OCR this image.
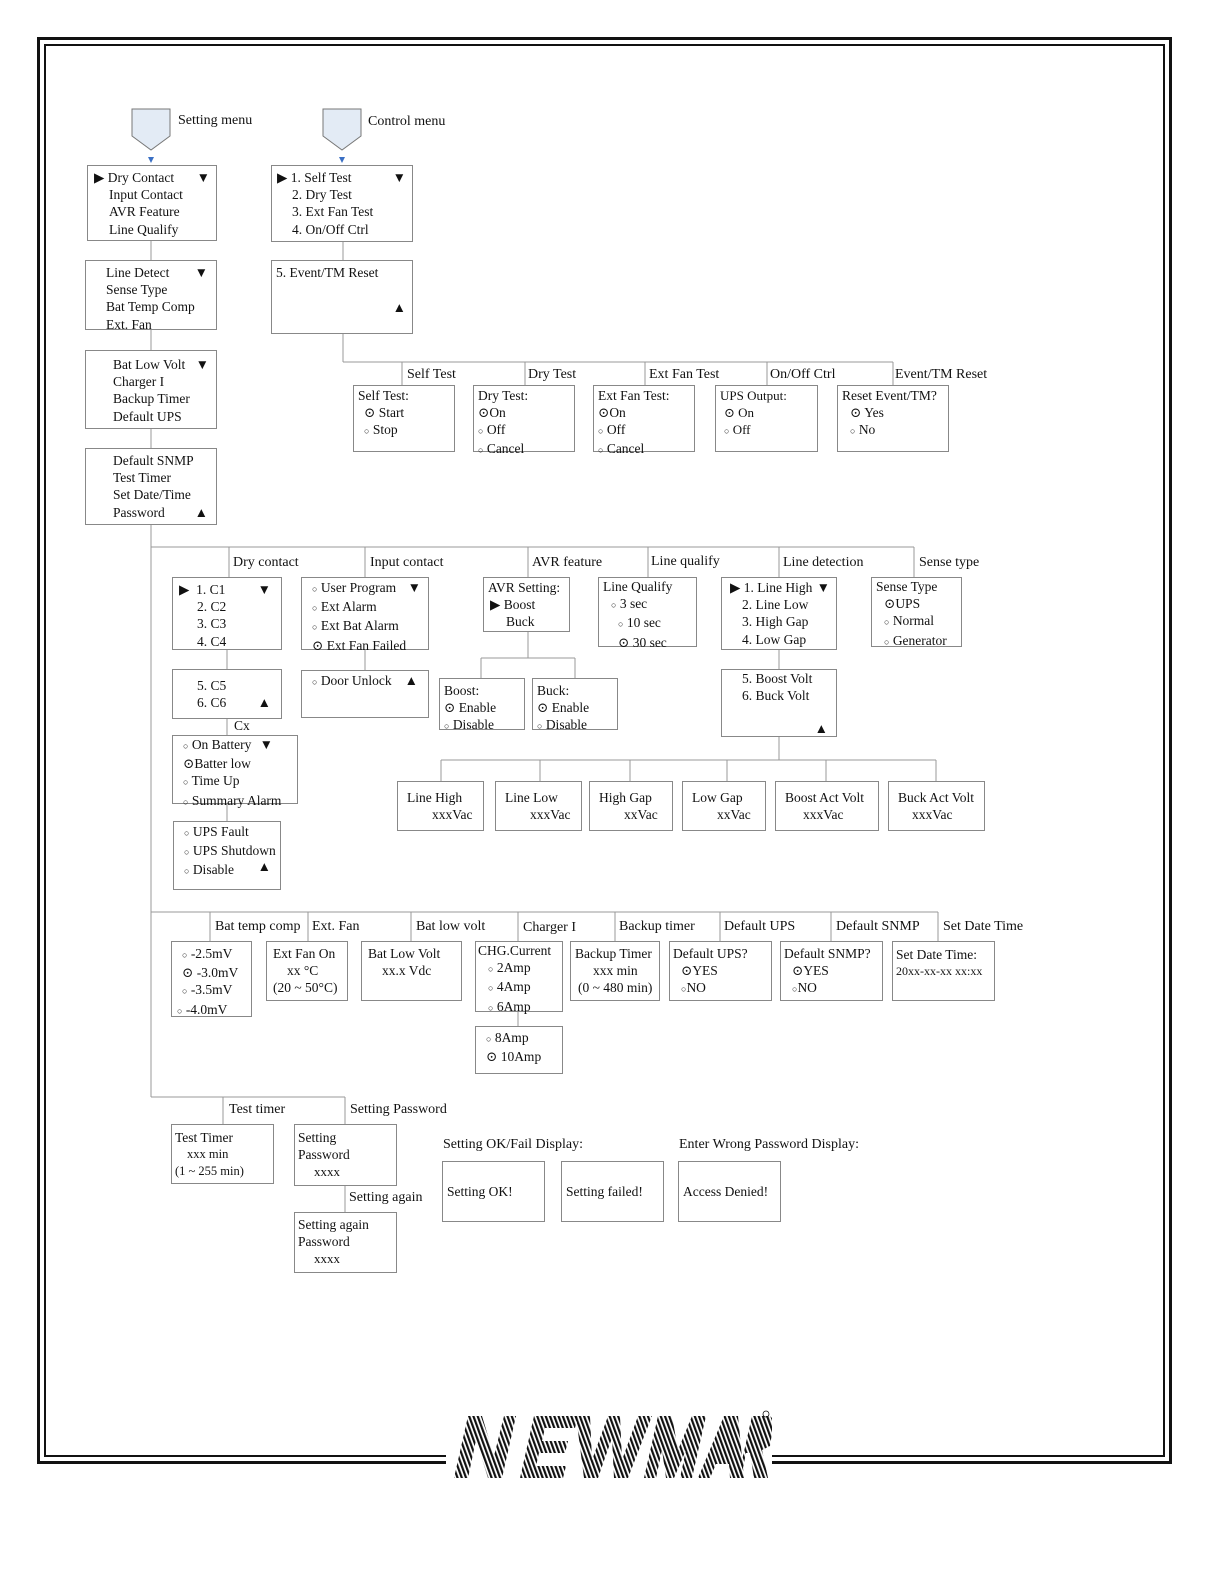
Setting menu	Control menu
▶ Dry Contact
Input Contact
AVR Feature
Line Qualify
▼
Line Detect
Sense Type
Bat Temp Comp
Ext. Fan
▼
Bat Low Volt
Charger I
Backup Timer
Default UPS
▼
Default SNMP
Test Timer
Set Date/Time
Password	▲
▶ 1. Self Test
2. Dry Test
3. Ext Fan Test
4. On/Off Ctrl
▼
5. Event/TM Reset
▲
Self Test	Dry Test	Ext Fan Test	On/Off Ctrl	Event/TM Reset
Self Test:
⊙ Start
○ Stop
Dry Test:
⊙On
○ Off
○ Cancel
Ext Fan Test:
⊙On
○ Off
○ Cancel
UPS Output:
⊙ On
○ Off
Reset Event/TM?
⊙ Yes
○ No
Dry contact	Input contact	AVR feature	Line qualify	Line detection	Sense type
▶ 1. C1
2. C2
3. C3
4. C4
▼
5. C5
6. C6	▲
Cx
○ On Battery
⊙Batter low
○ Time Up
○ Summary Alarm
▼
○ UPS Fault
○ UPS Shutdown
○ Disable	▲
○ User Program
○ Ext Alarm
○ Ext Bat Alarm
⊙ Ext Fan Failed
▼
○ Door Unlock ▲
AVR Setting:
▶ Boost
Buck
Boost:
⊙ Enable
○ Disable
Buck:
⊙ Enable
○ Disable
Line Qualify
○ 3 sec
○ 10 sec
⊙ 30 sec
▶ 1. Line High
2. Line Low
3. High Gap
4. Low Gap
▼
5. Boost Volt
6. Buck Volt
▲
Sense Type
⊙UPS
○ Normal
○ Generator
Line High
xxxVac
Line Low
xxxVac
High Gap
xxVac
Low Gap
xxVac
Boost Act Volt
xxxVac
Buck Act Volt
xxxVac
Bat temp comp Ext. Fan	Bat low volt	Charger I	Backup timer Default UPS	Default SNMP Set Date Time
○ -2.5mV
⊙ -3.0mV
○ -3.5mV
○ -4.0mV
Ext Fan On
xx °C
(20 ~ 50°C)
Bat Low Volt
xx.x Vdc
CHG.Current
○ 2Amp
○ 4Amp
○ 6Amp
○ 8Amp
⊙ 10Amp
Backup Timer
xxx min
(0 ~ 480 min)
Default UPS?
⊙YES
○NO
Default SNMP?
⊙YES
○NO
Set Date Time:
20xx-xx-xx xx:xx
Test timer	Setting Password
Setting again
Test Timer
xxx min
(1 ~ 255 min)
Setting
Password
xxxx
Setting again
Password
xxxx
Setting OK/Fail Display:	Enter Wrong Password Display:
Setting OK!	Setting failed!	Access Denied!
